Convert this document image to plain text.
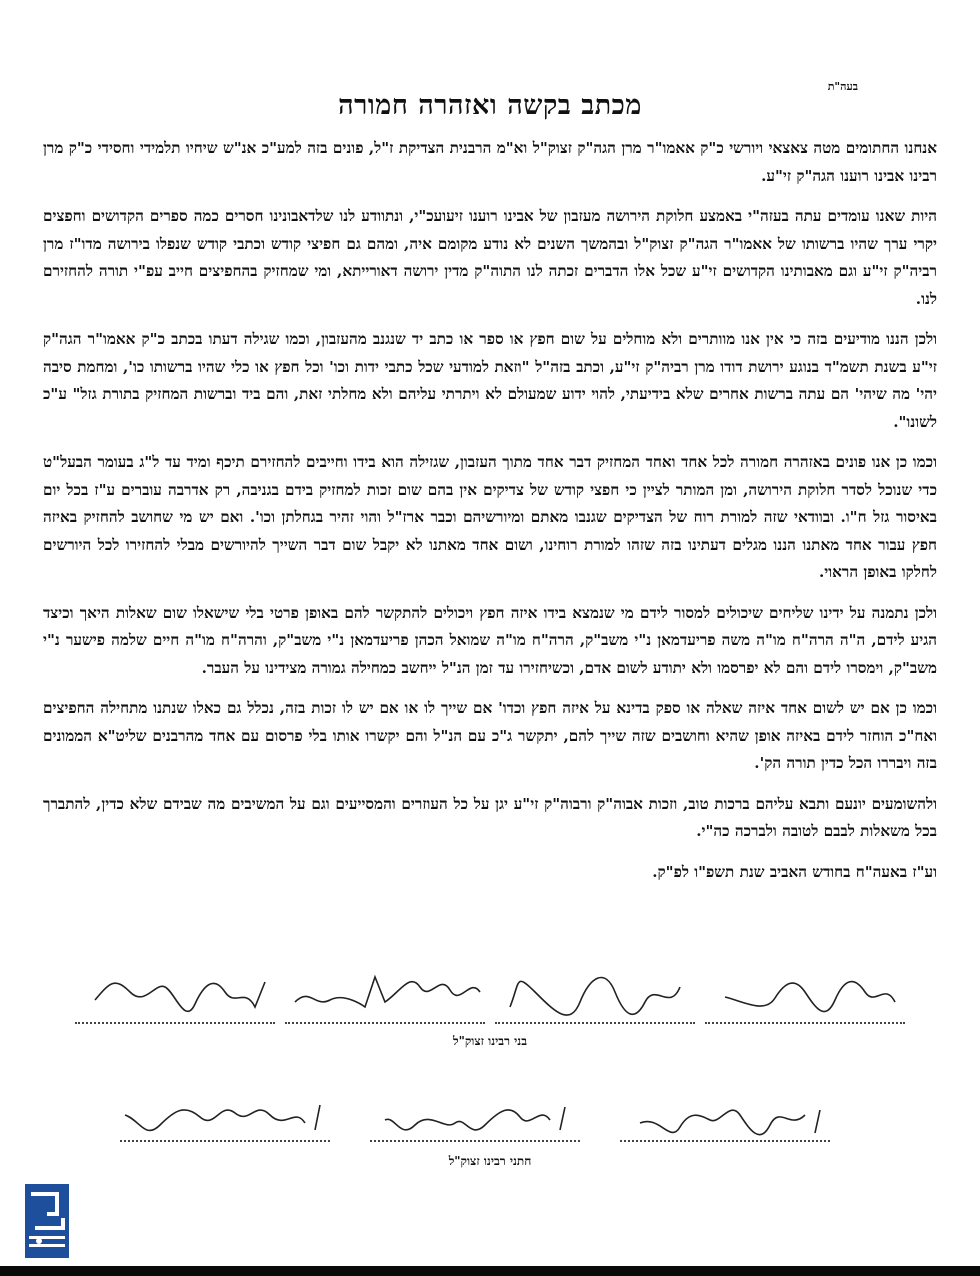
בעה"ת
מכתב בקשה ואזהרה חמורה

אנחנו החתומים מטה צאצאי ויורשי כ"ק אאמו"ר מרן הגה"ק זצוק"ל וא"מ הרבנית הצדיקת ז"ל, פונים בזה למע"כ אנ"ש שיחיו תלמידי וחסידי כ"ק מרן רבינו אבינו רוענו הגה"ק זי"ע.

היות שאנו עומדים עתה בעזה"י באמצע חלוקת הירושה מעזבון של אבינו רוענו זיעועכ"י, ונתוודע לנו שלדאבונינו חסרים כמה ספרים הקדושים וחפצים יקרי ערך שהיו ברשותו של אאמו"ר הגה"ק זצוק"ל ובהמשך השנים לא נודע מקומם איה, ומהם גם חפיצי קודש וכתבי קודש שנפלו בירושה מדו"ז מרן רביה"ק זי"ע וגם מאבותינו הקדושים זי"ע שכל אלו הדברים זכתה לנו התוה"ק מדין ירושה דאורייתא, ומי שמחזיק בהחפיצים חייב עפ"י תורה להחזירם לנו.

ולכן הננו מודיעים בזה כי אין אנו מוותרים ולא מוחלים על שום חפץ או ספר או כתב יד שנגנב מהעזבון, וכמו שגילה דעתו בכתב כ"ק אאמו"ר הגה"ק זי"ע בשנת תשמ"ד בנוגע ירושת דודו מרן רביה"ק זי"ע, וכתב בזה"ל "וזאת למודעי שכל כתבי ידות וכו' וכל חפץ או כלי שהיו ברשותו כו', ומחמת סיבה יהי' מה שיהי' הם עתה ברשות אחרים שלא בידיעתי, להוי ידוע שמעולם לא ויתרתי עליהם ולא מחלתי זאת, והם ביד וברשות המחזיק בתורת גזל" ע"כ לשונו".

וכמו כן אנו פונים באזהרה חמורה לכל אחד ואחד המחזיק דבר אחד מתוך העזבון, שגזילה הוא בידו וחייבים להחזירם תיכף ומיד עד ל"ג בעומר הבעל"ט כדי שנוכל לסדר חלוקת הירושה, ומן המותר לציין כי חפצי קודש של צדיקים אין בהם שום זכות למחזיק בידם בגניבה, רק אדרבה עוברים ע"ז בכל יום באיסור גזל ח"ו. ובוודאי שזה למורת רוח של הצדיקים שגנבו מאתם ומיורשיהם וכבר ארז"ל והוי זהיר בגחלתן וכו'. ואם יש מי שחושב להחזיק באיזה חפץ עבור אחד מאתנו הננו מגלים דעתינו בזה שזהו למורת רוחינו, ושום אחד מאתנו לא יקבל שום דבר השייך להיורשים מבלי להחזירו לכל היורשים לחלקו באופן הראוי.

ולכן נתמנה על ידינו שליחים שיכולים למסור לידם מי שנמצא בידו איזה חפץ ויכולים להתקשר להם באופן פרטי בלי שישאלו שום שאלות היאך וכיצד הגיע לידם, ה"ה הרה"ח מו"ה משה פריעדמאן נ"י משב"ק, הרה"ח מו"ה שמואל הכהן פריעדמאן נ"י משב"ק, והרה"ח מו"ה חיים שלמה פישער נ"י משב"ק, וימסרו לידם והם לא יפרסמו ולא יתודע לשום אדם, וכשיחזירו עד זמן הנ"ל ייחשב כמחילה גמורה מצידינו על העבר.

וכמו כן אם יש לשום אחד איזה שאלה או ספק בדינא על איזה חפץ וכדו' אם שייך לו או אם יש לו זכות בזה, נכלל גם כאלו שנתנו מתחילה החפיצים ואח"כ הוחזר לידם באיזה אופן שהיא וחושבים שזה שייך להם, יתקשר ג"כ עם הנ"ל והם יקשרו אותו בלי פרסום עם אחד מהרבנים שליט"א הממונים בזה ויבררו הכל כדין תורה הק'.

ולהשומעים יונעם ותבא עליהם ברכות טוב, וזכות אבוה"ק ורבוה"ק זי"ע יגן על כל העוזרים והמסייעים וגם על המשיבים מה שבידם שלא כדין, להתברך בכל משאלות לבבם לטובה ולברכה כה"י.

וע"ז באעה"ח בחודש האביב שנת תשפ"ו לפ"ק.

בני רבינו זצוק"ל
חתני רבינו זצוק"ל
